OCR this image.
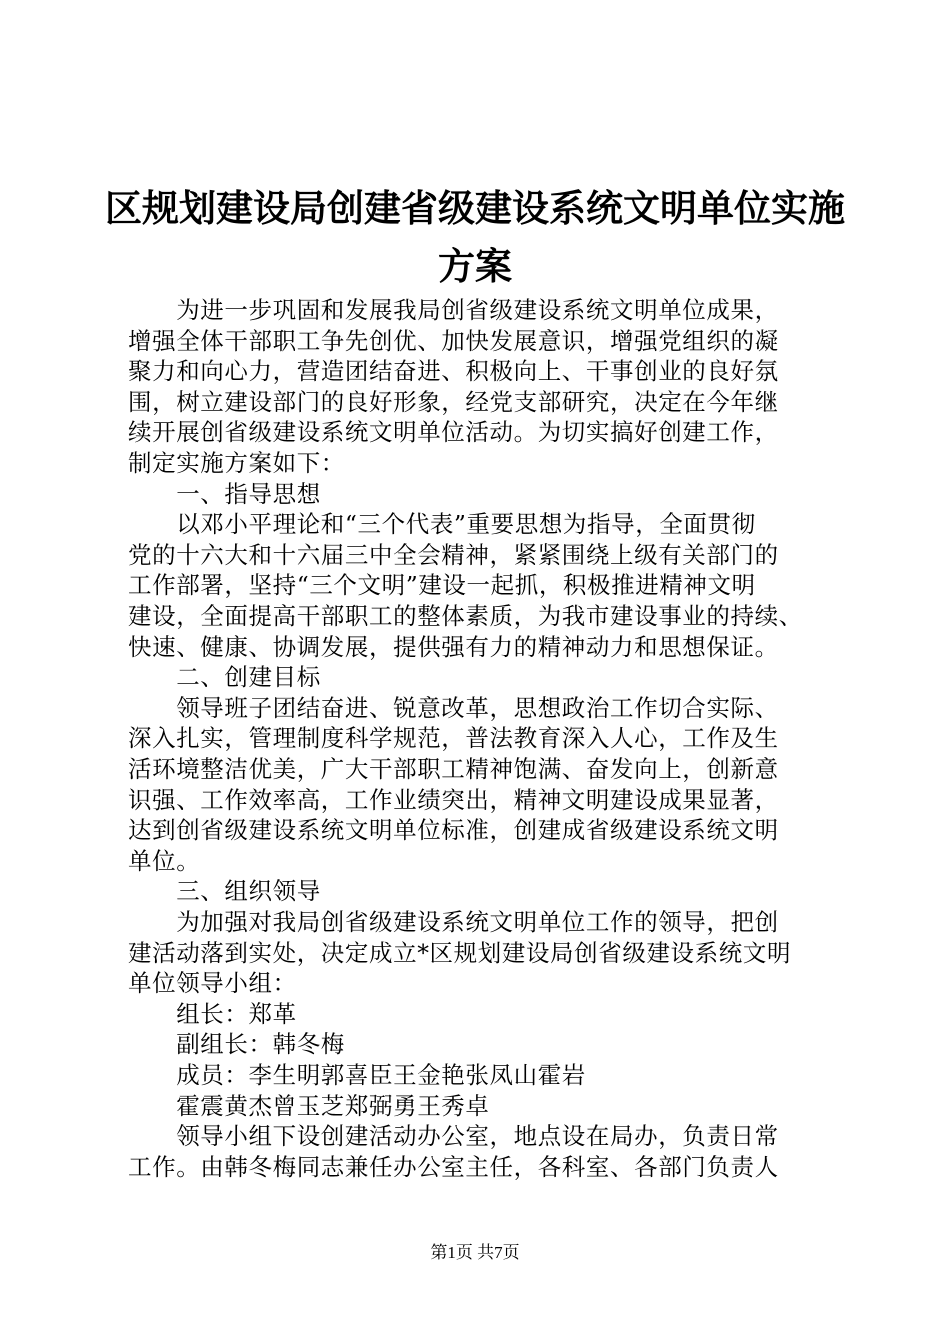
区规划建设局创建省级建设系统文明单位实施
方案
　　为进一步巩固和发展我局创省级建设系统文明单位成果，
增强全体干部职工争先创优、加快发展意识，增强党组织的凝
聚力和向心力，营造团结奋进、积极向上、干事创业的良好氛
围，树立建设部门的良好形象，经党支部研究，决定在今年继
续开展创省级建设系统文明单位活动。为切实搞好创建工作，
制定实施方案如下：
　　一、指导思想
　　以邓小平理论和“三个代表”重要思想为指导，全面贯彻
党的十六大和十六届三中全会精神，紧紧围绕上级有关部门的
工作部署，坚持“三个文明”建设一起抓，积极推进精神文明
建设，全面提高干部职工的整体素质，为我市建设事业的持续、
快速、健康、协调发展，提供强有力的精神动力和思想保证。
　　二、创建目标
　　领导班子团结奋进、锐意改革，思想政治工作切合实际、
深入扎实，管理制度科学规范，普法教育深入人心，工作及生
活环境整洁优美，广大干部职工精神饱满、奋发向上，创新意
识强、工作效率高，工作业绩突出，精神文明建设成果显著，
达到创省级建设系统文明单位标准，创建成省级建设系统文明
单位。
　　三、组织领导
　　为加强对我局创省级建设系统文明单位工作的领导，把创
建活动落到实处，决定成立*区规划建设局创省级建设系统文明
单位领导小组：
　　组长：郑革
　　副组长：韩冬梅
　　成员：李生明郭喜臣王金艳张凤山霍岩
　　霍震黄杰曾玉芝郑弼勇王秀卓
　　领导小组下设创建活动办公室，地点设在局办，负责日常
工作。由韩冬梅同志兼任办公室主任，各科室、各部门负责人
第1页 共7页
